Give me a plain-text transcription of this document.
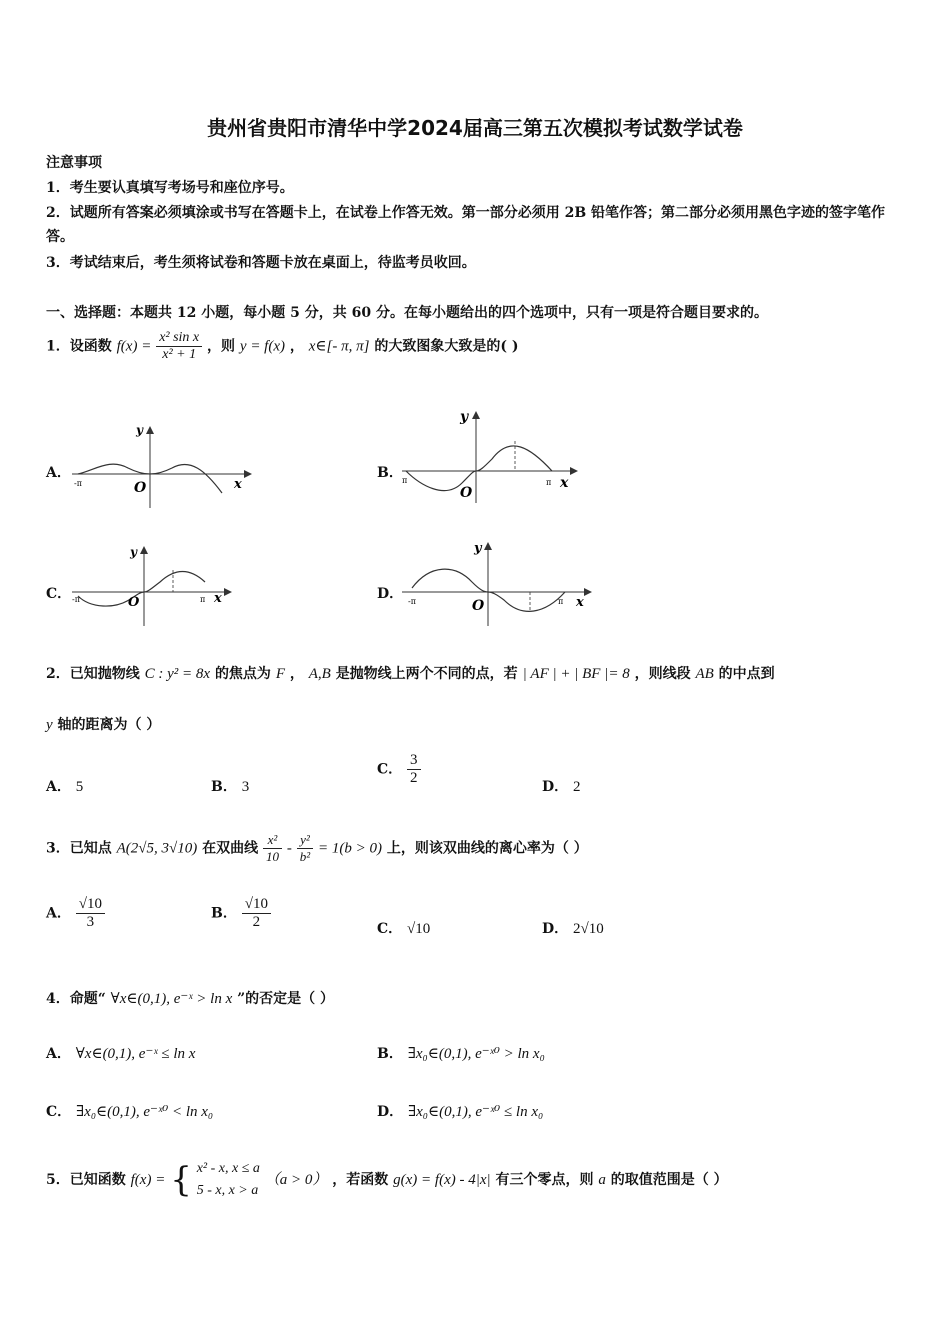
贵州省贵阳市清华中学2024届高三第五次模拟考试数学试卷
注意事项
1．考生要认真填写考场号和座位序号。
2．试题所有答案必须填涂或书写在答题卡上，在试卷上作答无效。第一部分必须用 2B 铅笔作答；第二部分必须用黑色字迹的签字笔作答。
3．考试结束后，考生须将试卷和答题卡放在桌面上，待监考员收回。
一、选择题：本题共 12 小题，每小题 5 分，共 60 分。在每小题给出的四个选项中，只有一项是符合题目要求的。
1．设函数 $f(x) = \frac{\text{x² sin x}}{\text{x² + 1}}$ ，则 y = f(x) ， x∈[- π, π] 的大致图象大致是的( )
A．
-π	O
y
x
B． π	π
O
y
x
C． -π	π
O
y
x	D． -π	π
O
y
x
2．已知抛物线 C : y² = 8x 的焦点为 F ， A,B 是抛物线上两个不同的点，若 | AF | + | BF |= 8 ，则线段 AB 的中点到
y 轴的距离为（ ）
A． 5	B． 3
C． $\frac{3}{2}$	D． 2
3．已知点 A(2√5, 3√10) 在双曲线 $\frac{\text{x²}}{10} - \frac{\text{y²}}{\text{b²}} = 1(b > 0)$ 上，则该双曲线的离心率为（ ）
A． $\frac{√10}{3}$	B． $\frac{√10}{2}$	C． √10	D． 2√10
4．命题“ ∀x∈(0,1), e⁻ˣ > ln x ”的否定是（ ）
A． ∀x∈(0,1), e⁻ˣ ≤ ln x	B． ∃x₀∈(0,1), e⁻ˣ⁰ > ln x₀
C． ∃x₀∈(0,1), e⁻ˣ⁰ < ln x₀	D． ∃x₀∈(0,1), e⁻ˣ⁰ ≤ ln x₀
5．已知函数 f(x) = { x² - x, x ≤ a
5 - x, x > a
（a > 0） ，若函数 g(x) = f(x) - 4|x| 有三个零点，则 a 的取值范围是（ ）
